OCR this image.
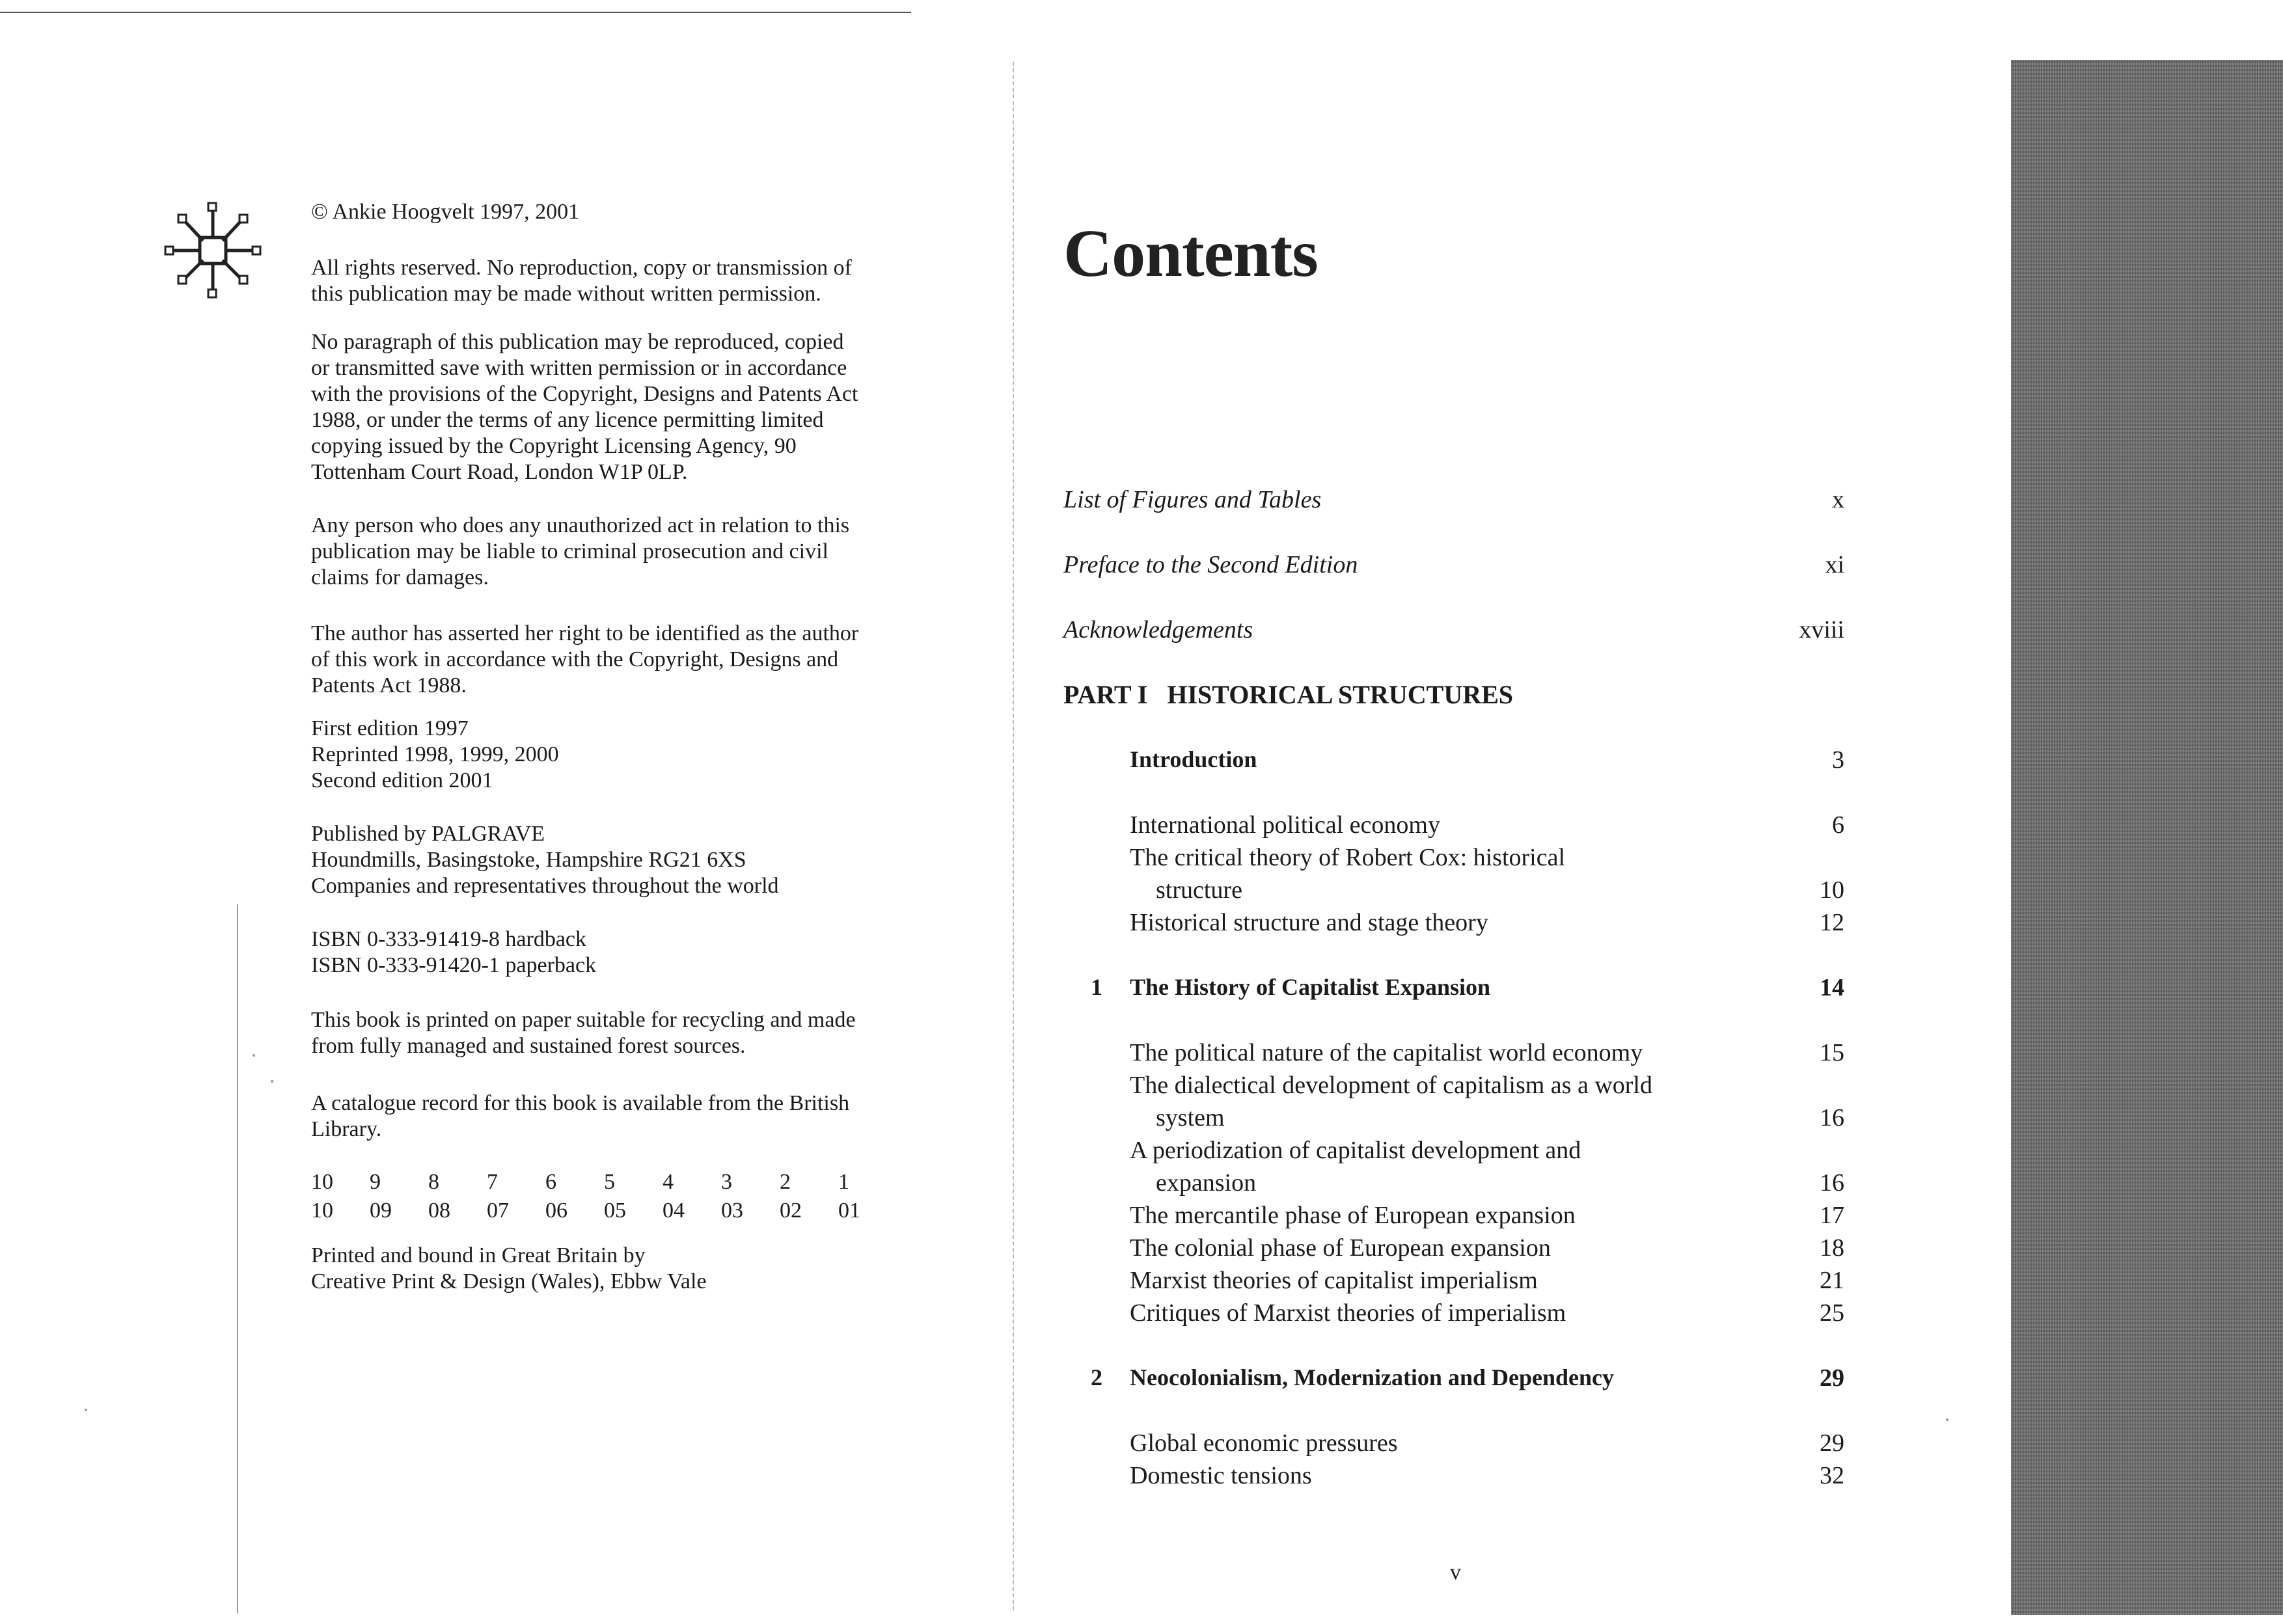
© Ankie Hoogvelt 1997, 2001
All rights reserved. No reproduction, copy or transmission of
this publication may be made without written permission.
No paragraph of this publication may be reproduced, copied
or transmitted save with written permission or in accordance
with the provisions of the Copyright, Designs and Patents Act
1988, or under the terms of any licence permitting limited
copying issued by the Copyright Licensing Agency, 90
Tottenham Court Road, London W1P 0LP.
Any person who does any unauthorized act in relation to this
publication may be liable to criminal prosecution and civil
claims for damages.
The author has asserted her right to be identified as the author
of this work in accordance with the Copyright, Designs and
Patents Act 1988.
First edition 1997
Reprinted 1998, 1999, 2000
Second edition 2001
Published by PALGRAVE
Houndmills, Basingstoke, Hampshire RG21 6XS
Companies and representatives throughout the world
ISBN 0-333-91419-8 hardback
ISBN 0-333-91420-1 paperback
This book is printed on paper suitable for recycling and made
from fully managed and sustained forest sources.
A catalogue record for this book is available from the British
Library.
10	9	8	7	6	5	4	3	2	1
10	09	08	07	06	05	04	03	02	01
Printed and bound in Great Britain by
Creative Print & Design (Wales), Ebbw Vale
Contents
List of Figures and Tables	x
Preface to the Second Edition	xi
Acknowledgements	xviii
PART I   HISTORICAL STRUCTURES
Introduction	3
International political economy	6
The critical theory of Robert Cox: historical
structure	10
Historical structure and stage theory	12
1 The History of Capitalist Expansion	14
The political nature of the capitalist world economy	15
The dialectical development of capitalism as a world
system	16
A periodization of capitalist development and
expansion	16
The mercantile phase of European expansion	17
The colonial phase of European expansion	18
Marxist theories of capitalist imperialism	21
Critiques of Marxist theories of imperialism	25
2 Neocolonialism, Modernization and Dependency	29
Global economic pressures	29
Domestic tensions	32
v
